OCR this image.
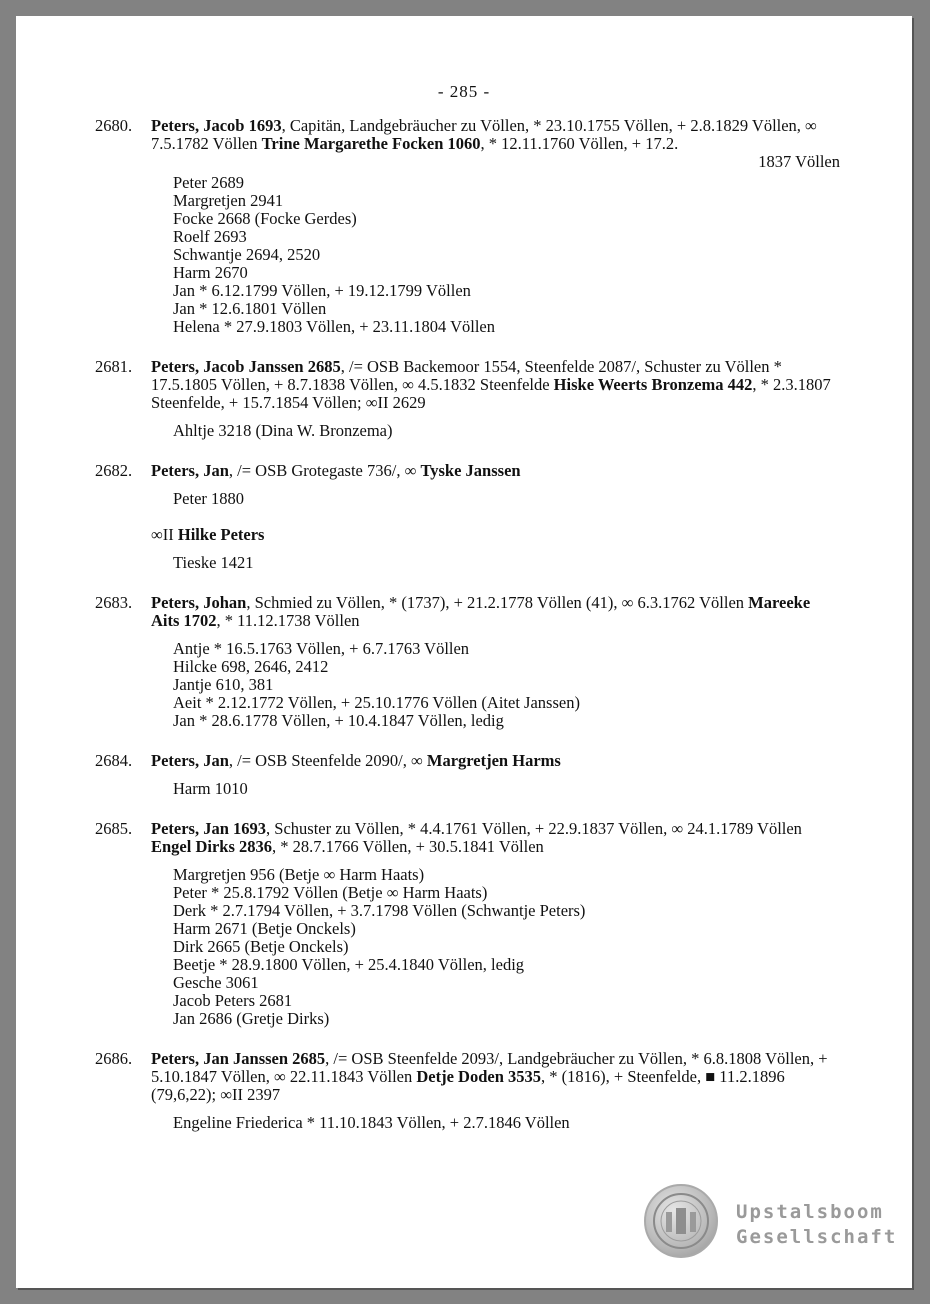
- 285 -
2680. Peters, Jacob 1693, Capitän, Landgebräucher zu Völlen, * 23.10.1755 Völlen, + 2.8.1829 Völlen, ∞ 7.5.1782 Völlen Trine Margarethe Focken 1060, * 12.11.1760 Völlen, + 17.2.
1837 Völlen
Peter 2689
Margretjen 2941
Focke 2668 (Focke Gerdes)
Roelf 2693
Schwantje 2694, 2520
Harm 2670
Jan * 6.12.1799 Völlen, + 19.12.1799 Völlen
Jan * 12.6.1801 Völlen
Helena * 27.9.1803 Völlen, + 23.11.1804 Völlen
2681. Peters, Jacob Janssen 2685, /= OSB Backemoor 1554, Steenfelde 2087/, Schuster zu Völlen * 17.5.1805 Völlen, + 8.7.1838 Völlen, ∞ 4.5.1832 Steenfelde Hiske Weerts Bronzema 442, * 2.3.1807 Steenfelde, + 15.7.1854 Völlen; ∞II 2629
Ahltje 3218 (Dina W. Bronzema)
2682. Peters, Jan, /= OSB Grotegaste 736/, ∞ Tyske Janssen
Peter 1880
∞II Hilke Peters
Tieske 1421
2683. Peters, Johan, Schmied zu Völlen, * (1737), + 21.2.1778 Völlen (41), ∞ 6.3.1762 Völlen Mareeke Aits 1702, * 11.12.1738 Völlen
Antje * 16.5.1763 Völlen, + 6.7.1763 Völlen
Hilcke 698, 2646, 2412
Jantje 610, 381
Aeit * 2.12.1772 Völlen, + 25.10.1776 Völlen (Aitet Janssen)
Jan * 28.6.1778 Völlen, + 10.4.1847 Völlen, ledig
2684. Peters, Jan, /= OSB Steenfelde 2090/, ∞ Margretjen Harms
Harm 1010
2685. Peters, Jan 1693, Schuster zu Völlen, * 4.4.1761 Völlen, + 22.9.1837 Völlen, ∞ 24.1.1789 Völlen Engel Dirks 2836, * 28.7.1766 Völlen, + 30.5.1841 Völlen
Margretjen 956 (Betje ∞ Harm Haats)
Peter * 25.8.1792 Völlen (Betje ∞ Harm Haats)
Derk * 2.7.1794 Völlen, + 3.7.1798 Völlen (Schwantje Peters)
Harm 2671 (Betje Onckels)
Dirk 2665 (Betje Onckels)
Beetje * 28.9.1800 Völlen, + 25.4.1840 Völlen, ledig
Gesche 3061
Jacob Peters 2681
Jan 2686 (Gretje Dirks)
2686. Peters, Jan Janssen 2685, /= OSB Steenfelde 2093/, Landgebräucher zu Völlen, * 6.8.1808 Völlen, + 5.10.1847 Völlen, ∞ 22.11.1843 Völlen Detje Doden 3535, * (1816), + Steenfelde, ■ 11.2.1896 (79,6,22); ∞II 2397
Engeline Friederica * 11.10.1843 Völlen, + 2.7.1846 Völlen
Upstalsboom
Gesellschaft
